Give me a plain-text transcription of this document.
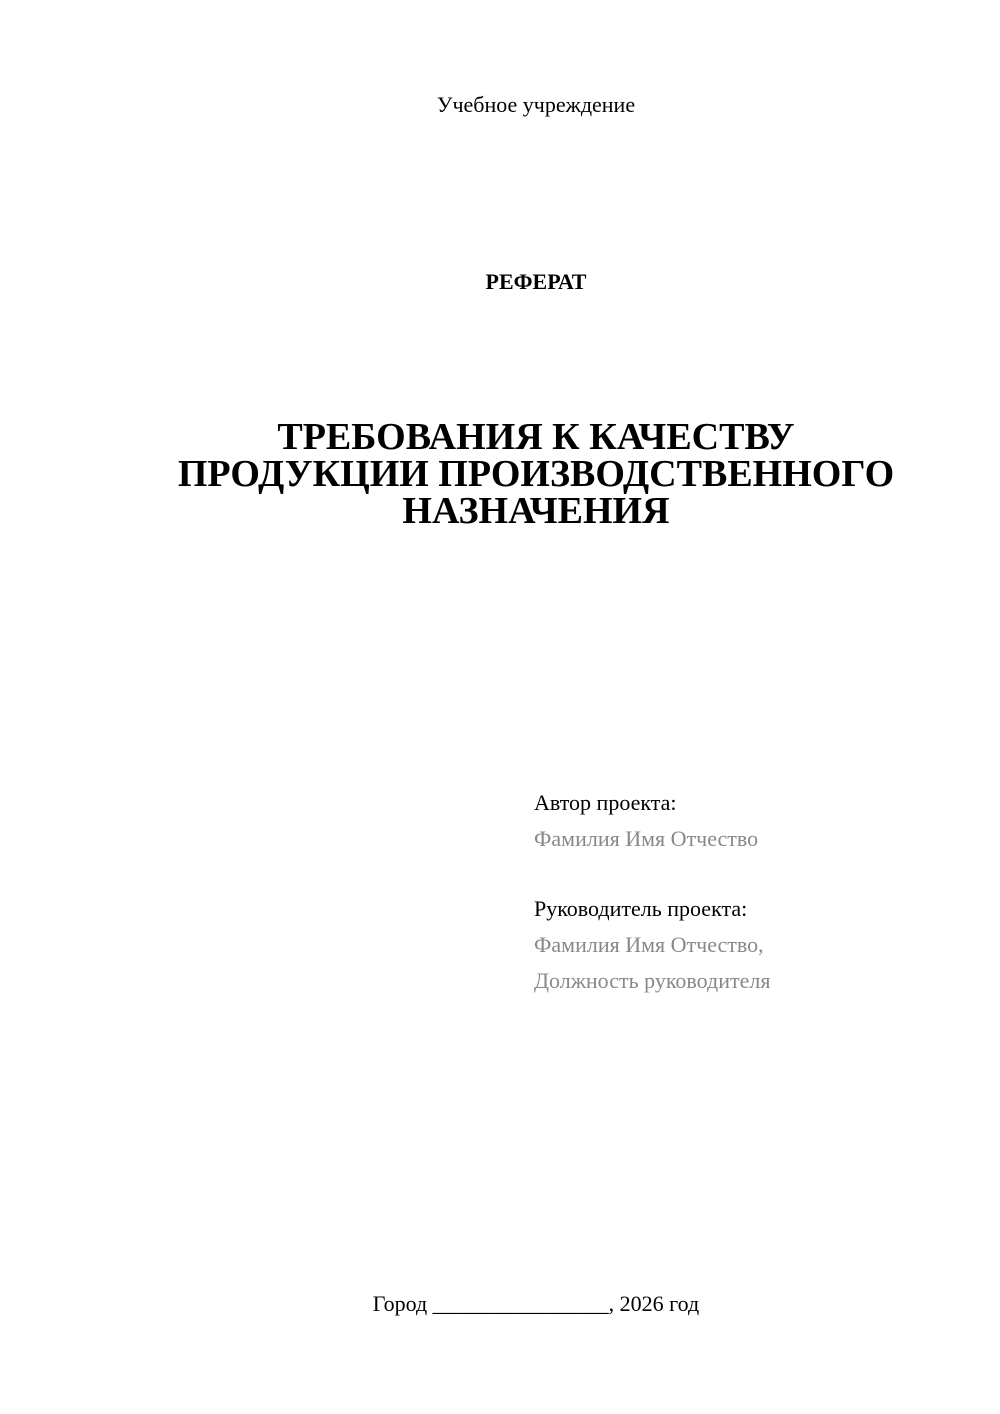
Учебное учреждение
РЕФЕРАТ
ТРЕБОВАНИЯ К КАЧЕСТВУ
ПРОДУКЦИИ ПРОИЗВОДСТВЕННОГО
НАЗНАЧЕНИЯ
Автор проекта:
Фамилия Имя Отчество
Руководитель проекта:
Фамилия Имя Отчество,
Должность руководителя
Город ________________, 2026 год
